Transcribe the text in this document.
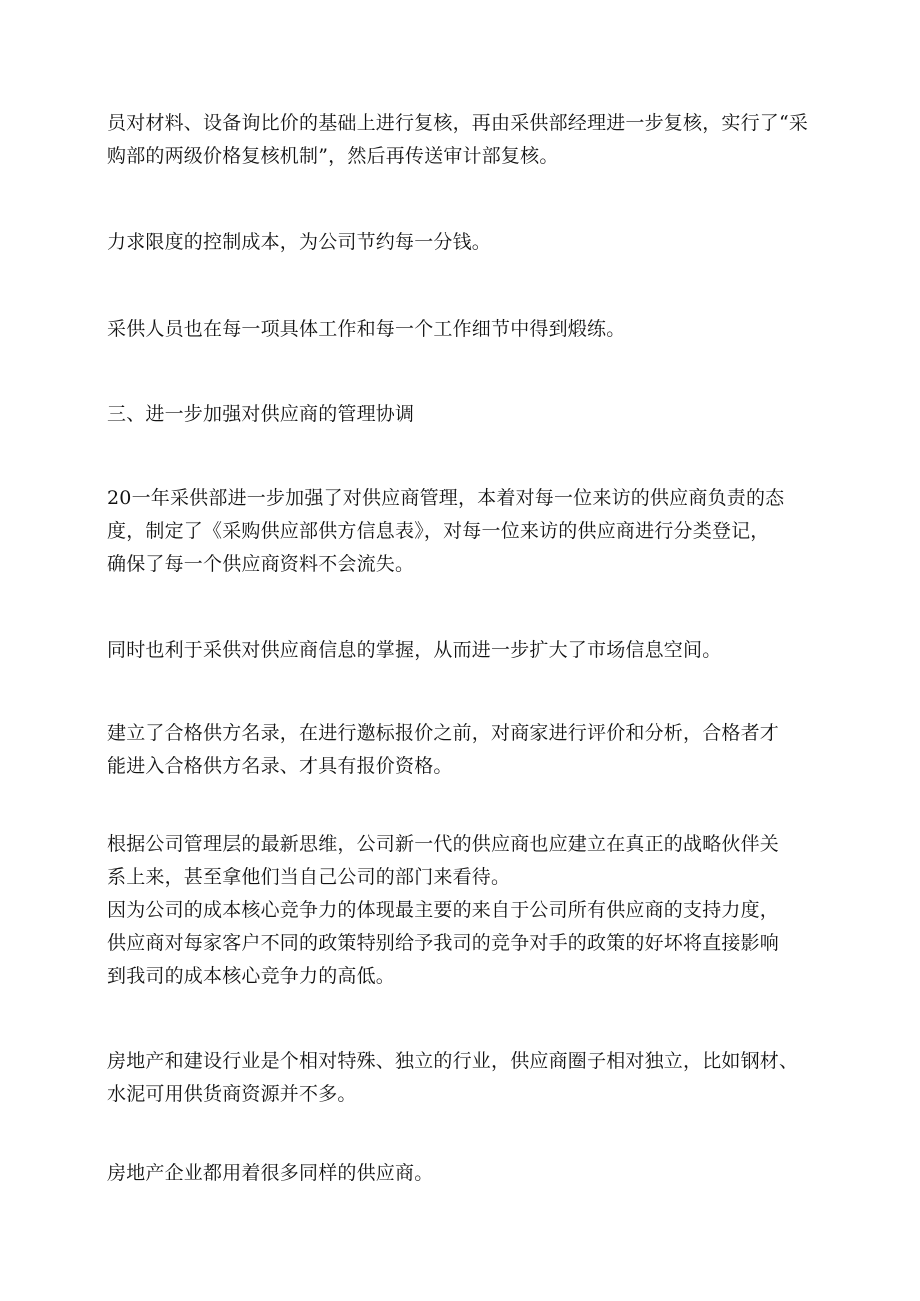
员对材料、设备询比价的基础上进行复核，再由采供部经理进一步复核，实行了“采
购部的两级价格复核机制”，然后再传送审计部复核。

力求限度的控制成本，为公司节约每一分钱。

采供人员也在每一项具体工作和每一个工作细节中得到煅练。

三、进一步加强对供应商的管理协调

20一年采供部进一步加强了对供应商管理，本着对每一位来访的供应商负责的态
度，制定了《采购供应部供方信息表》，对每一位来访的供应商进行分类登记，
确保了每一个供应商资料不会流失。

同时也利于采供对供应商信息的掌握，从而进一步扩大了市场信息空间。

建立了合格供方名录，在进行邀标报价之前，对商家进行评价和分析，合格者才
能进入合格供方名录、才具有报价资格。

根据公司管理层的最新思维，公司新一代的供应商也应建立在真正的战略伙伴关
系上来，甚至拿他们当自己公司的部门来看待。
因为公司的成本核心竞争力的体现最主要的来自于公司所有供应商的支持力度，
供应商对每家客户不同的政策特别给予我司的竞争对手的政策的好坏将直接影响
到我司的成本核心竞争力的高低。

房地产和建设行业是个相对特殊、独立的行业，供应商圈子相对独立，比如钢材、
水泥可用供货商资源并不多。

房地产企业都用着很多同样的供应商。
